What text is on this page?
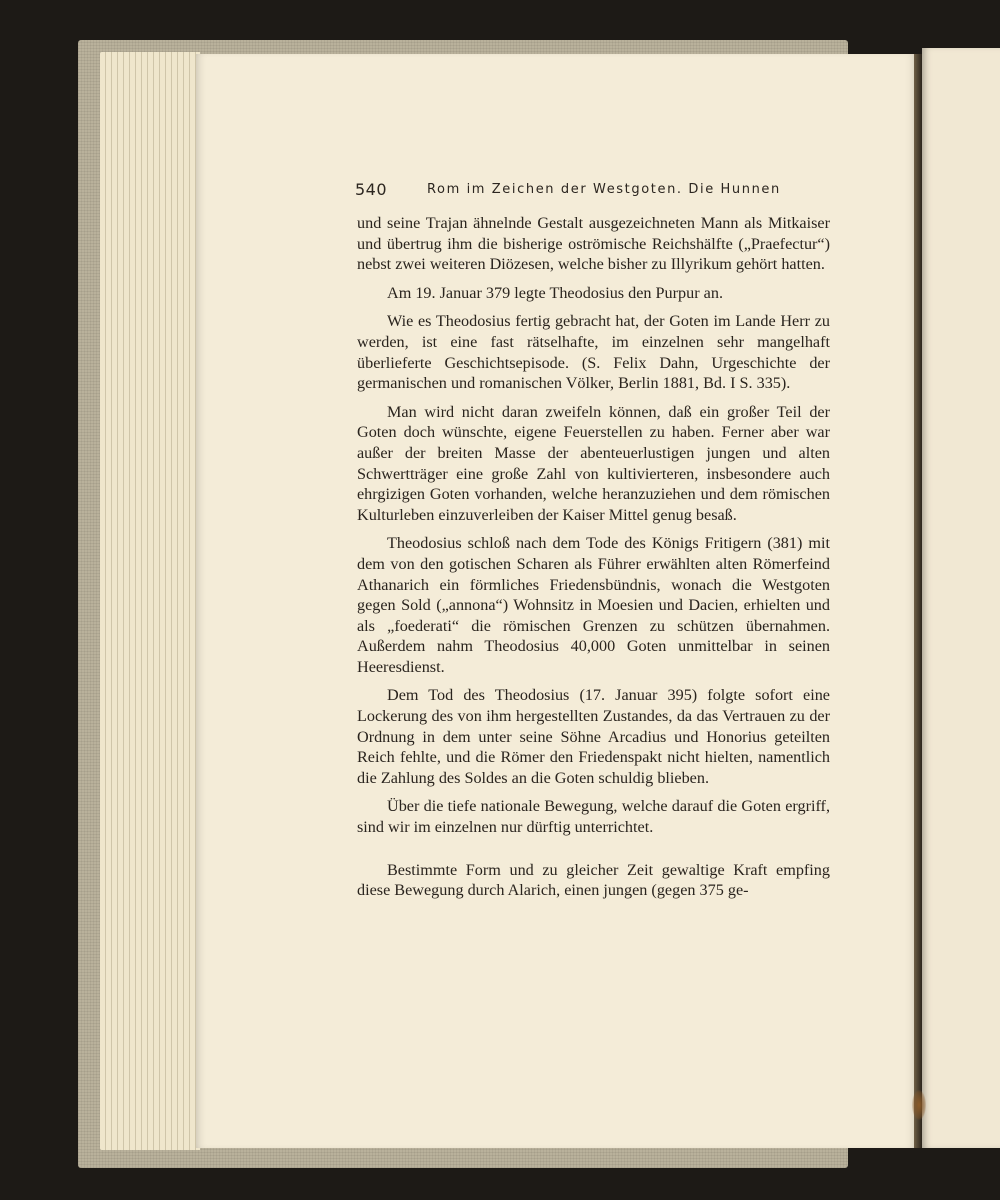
540	Rom im Zeichen der Westgoten. Die Hunnen

und seine Trajan ähnelnde Gestalt ausgezeichneten Mann als Mitkaiser und übertrug ihm die bisherige oströmische Reichshälfte („Praefectur“) nebst zwei weiteren Diözesen, welche bisher zu Illyrikum gehört hatten.

Am 19. Januar 379 legte Theodosius den Purpur an.

Wie es Theodosius fertig gebracht hat, der Goten im Lande Herr zu werden, ist eine fast rätselhafte, im einzelnen sehr mangelhaft überlieferte Geschichtsepisode. (S. Felix Dahn, Urgeschichte der germanischen und romanischen Völker, Berlin 1881, Bd. I S. 335).

Man wird nicht daran zweifeln können, daß ein großer Teil der Goten doch wünschte, eigene Feuerstellen zu haben. Ferner aber war außer der breiten Masse der abenteuerlustigen jungen und alten Schwertträger eine große Zahl von kultivierteren, insbesondere auch ehrgizigen Goten vorhanden, welche heranzuziehen und dem römischen Kulturleben einzuverleiben der Kaiser Mittel genug besaß.

Theodosius schloß nach dem Tode des Königs Fritigern (381) mit dem von den gotischen Scharen als Führer erwählten alten Römerfeind Athanarich ein förmliches Friedensbündnis, wonach die Westgoten gegen Sold („annona“) Wohnsitz in Moesien und Dacien, erhielten und als „foederati“ die römischen Grenzen zu schützen übernahmen. Außerdem nahm Theodosius 40,000 Goten unmittelbar in seinen Heeresdienst.

Dem Tod des Theodosius (17. Januar 395) folgte sofort eine Lockerung des von ihm hergestellten Zustandes, da das Vertrauen zu der Ordnung in dem unter seine Söhne Arcadius und Honorius geteilten Reich fehlte, und die Römer den Friedenspakt nicht hielten, namentlich die Zahlung des Soldes an die Goten schuldig blieben.

Über die tiefe nationale Bewegung, welche darauf die Goten ergriff, sind wir im einzelnen nur dürftig unterrichtet.

Bestimmte Form und zu gleicher Zeit gewaltige Kraft empfing diese Bewegung durch Alarich, einen jungen (gegen 375 ge-
